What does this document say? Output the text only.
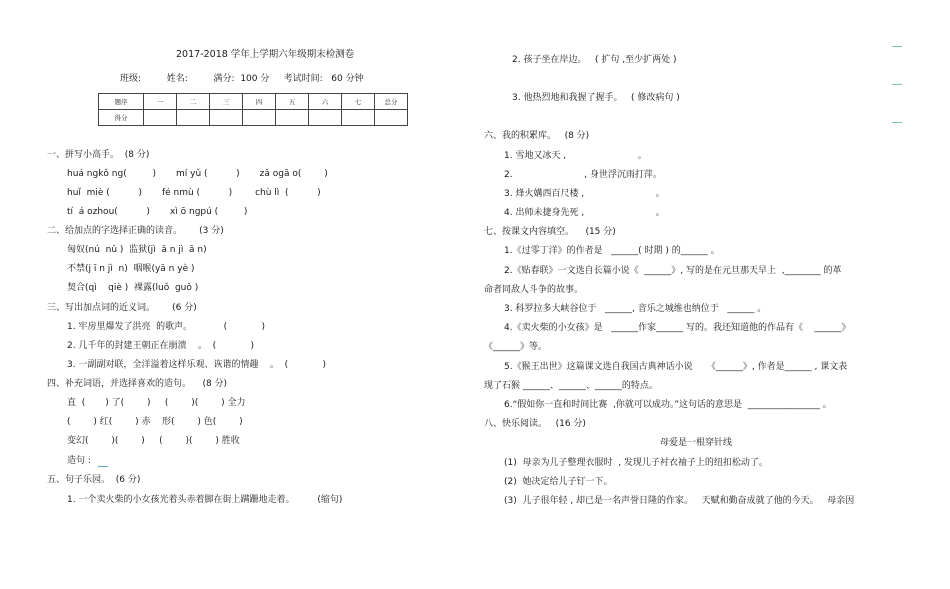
2017-2018 学年上学期六年级期末检测卷
班级:         姓名:         满分:  100 分     考试时间:   60 分钟
题序	一	二	三	四	五	六	七	总分
得分								
一、拼写小高手。  (8 分)
huá ngkǒ ng(         )       mí yǔ (          )       zǎ ogā o(        )
huǐ  miè (          )       fé nmù (          )        chù lì  (          )
tí  á ozhou(          )       xì ō ngpú (         )
二、给加点的字选择正确的读音。      (3 分)
匈奴(nú  nǔ )  监狱(jì  ā n jì  ā n)
不禁(j ī n jì  n)  咽喉(yā n yè )
契合(qì    qiè )  裸露(luǒ  guǒ )
三、写出加点词的近义词。      (6 分)
1. 牢房里爆发了洪亮  的歌声。           (            )
2. 几千年的封建王朝正在崩溃    。  (            )
3. 一副副对联，全洋溢着这样乐观、诙谐的情趣    。  (            )
四、补充词语，并选择喜欢的造句。    (8 分)
直  (       ) 了(        )     (        )(        ) 全力
(        ) 红(        ) 赤    形(        ) 色(        )
变幻(        )(        )     (        )(        ) 胜收
造句 :
五、句子乐园。  (6 分)
1. 一个卖火柴的小女孩光着头赤着脚在街上蹒跚地走着。        (缩句)
2. 孩子坐在岸边。   ( 扩句 ,至少扩两处 )
3. 他热烈地和我握了握手。   ( 修改病句 )
六、我的积累库。   (8 分)
1. 雪地又冰天 ,                         。
2.                         , 身世浮沉雨打萍。
3. 烽火媾西百尺楼 ,                         。
4. 出师未捷身先死 ,                         。
七、按课文内容填空。    (15 分)
1.《过零丁洋》的作者是   ______( 时期 ) 的______ 。
2.《贴春联》一文选自长篇小说《  ______》, 写的是在元旦那天早上  ,________ 的革
命者同敌人斗争的故事。
3. 科罗拉多大峡谷位于   ______, 音乐之城维也纳位于   ______ 。
4.《卖火柴的小女孩》是   ______作家______ 写的。我还知道他的作品有《    ______》
《______》等。
5.《猴王出世》这篇课文选自我国古典神话小说     《______》, 作者是______ , 课文表
现了石猴 ______、______、______的特点。
6.“假如你一直和时间比赛  ,你就可以成功。”这句话的意思是  ________________ 。
八、快乐阅读。   (16 分)
母爱是一根穿针线
(1)  母亲为儿子整理衣服时  , 发现儿子衬衣袖子上的纽扣松动了。
(2)  她决定给儿子钉一下。
(3)  儿子很年轻 , 却已是一名声誉日隆的作家。   天赋和勤奋成就了他的今天。   母亲因
